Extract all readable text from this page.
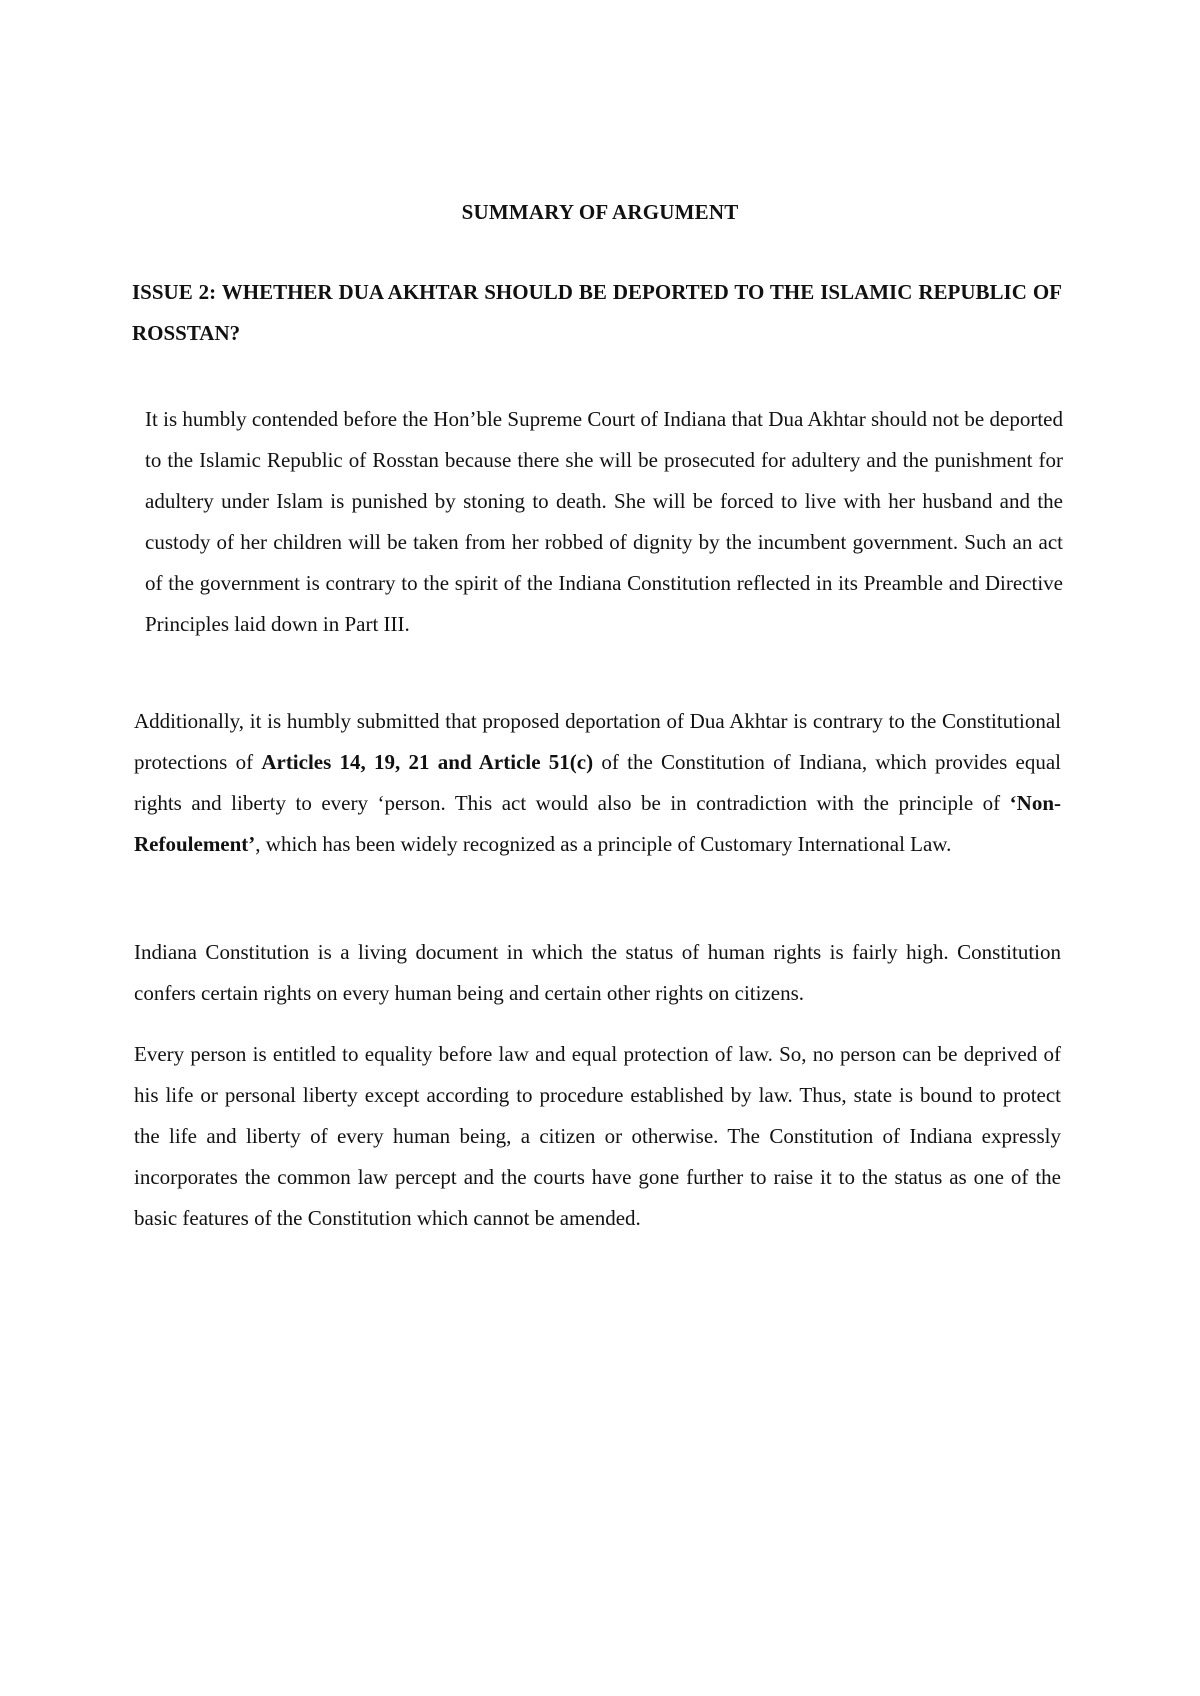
SUMMARY OF ARGUMENT

ISSUE 2: WHETHER DUA AKHTAR SHOULD BE DEPORTED TO THE ISLAMIC REPUBLIC OF ROSSTAN?

It is humbly contended before the Hon’ble Supreme Court of Indiana that Dua Akhtar should not be deported to the Islamic Republic of Rosstan because there she will be prosecuted for adultery and the punishment for adultery under Islam is punished by stoning to death. She will be forced to live with her husband and the custody of her children will be taken from her robbed of dignity by the incumbent government. Such an act of the government is contrary to the spirit of the Indiana Constitution reflected in its Preamble and Directive Principles laid down in Part III.

Additionally, it is humbly submitted that proposed deportation of Dua Akhtar is contrary to the Constitutional protections of Articles 14, 19, 21 and Article 51(c) of the Constitution of Indiana, which provides equal rights and liberty to every ‘person. This act would also be in contradiction with the principle of ‘Non-Refoulement’, which has been widely recognized as a principle of Customary International Law.

Indiana Constitution is a living document in which the status of human rights is fairly high. Constitution confers certain rights on every human being and certain other rights on citizens.

Every person is entitled to equality before law and equal protection of law. So, no person can be deprived of his life or personal liberty except according to procedure established by law. Thus, state is bound to protect the life and liberty of every human being, a citizen or otherwise. The Constitution of Indiana expressly incorporates the common law percept and the courts have gone further to raise it to the status as one of the basic features of the Constitution which cannot be amended.
